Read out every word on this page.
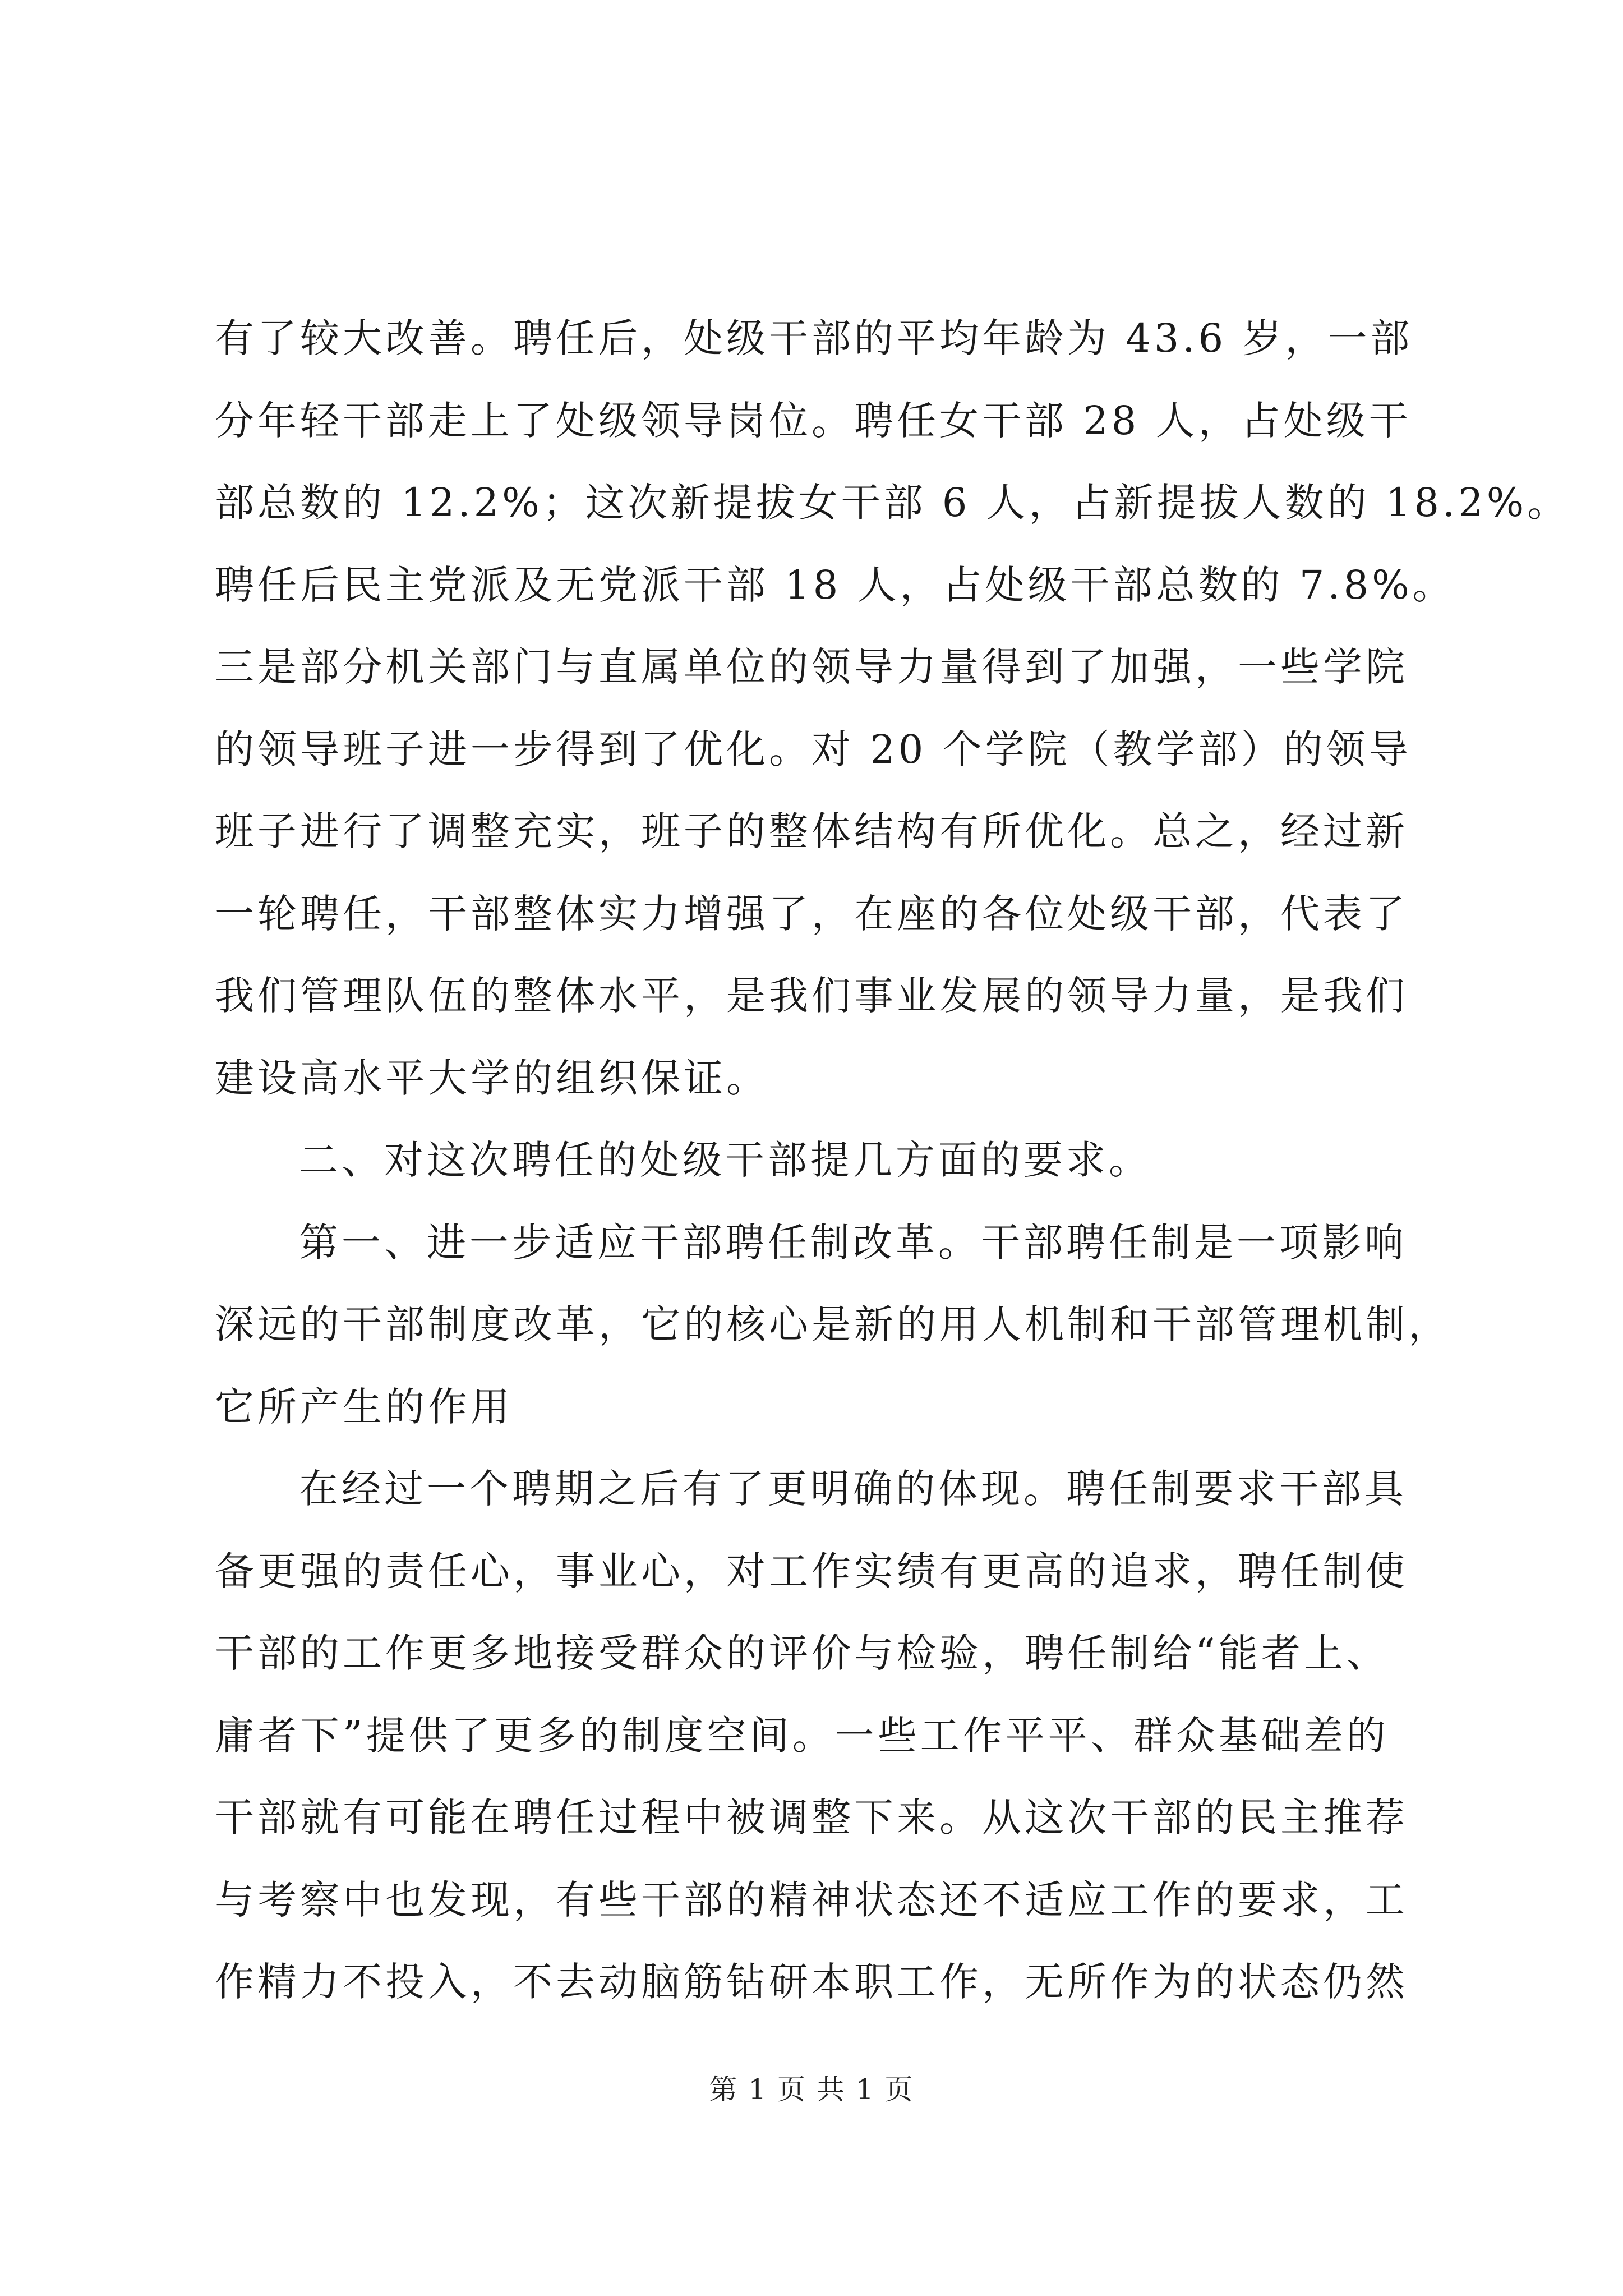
有了较大改善。聘任后，处级干部的平均年龄为 43.6 岁，一部
分年轻干部走上了处级领导岗位。聘任女干部 28 人，占处级干
部总数的 12.2%；这次新提拔女干部 6 人，占新提拔人数的 18.2%。
聘任后民主党派及无党派干部 18 人，占处级干部总数的 7.8%。
三是部分机关部门与直属单位的领导力量得到了加强，一些学院
的领导班子进一步得到了优化。对 20 个学院（教学部）的领导
班子进行了调整充实，班子的整体结构有所优化。总之，经过新
一轮聘任，干部整体实力增强了，在座的各位处级干部，代表了
我们管理队伍的整体水平，是我们事业发展的领导力量，是我们
建设高水平大学的组织保证。
二、对这次聘任的处级干部提几方面的要求。
第一、进一步适应干部聘任制改革。干部聘任制是一项影响
深远的干部制度改革，它的核心是新的用人机制和干部管理机制，
它所产生的作用
在经过一个聘期之后有了更明确的体现。聘任制要求干部具
备更强的责任心，事业心，对工作实绩有更高的追求，聘任制使
干部的工作更多地接受群众的评价与检验，聘任制给“能者上、
庸者下”提供了更多的制度空间。一些工作平平、群众基础差的
干部就有可能在聘任过程中被调整下来。从这次干部的民主推荐
与考察中也发现，有些干部的精神状态还不适应工作的要求，工
作精力不投入，不去动脑筋钻研本职工作，无所作为的状态仍然
第 1 页 共 1 页
